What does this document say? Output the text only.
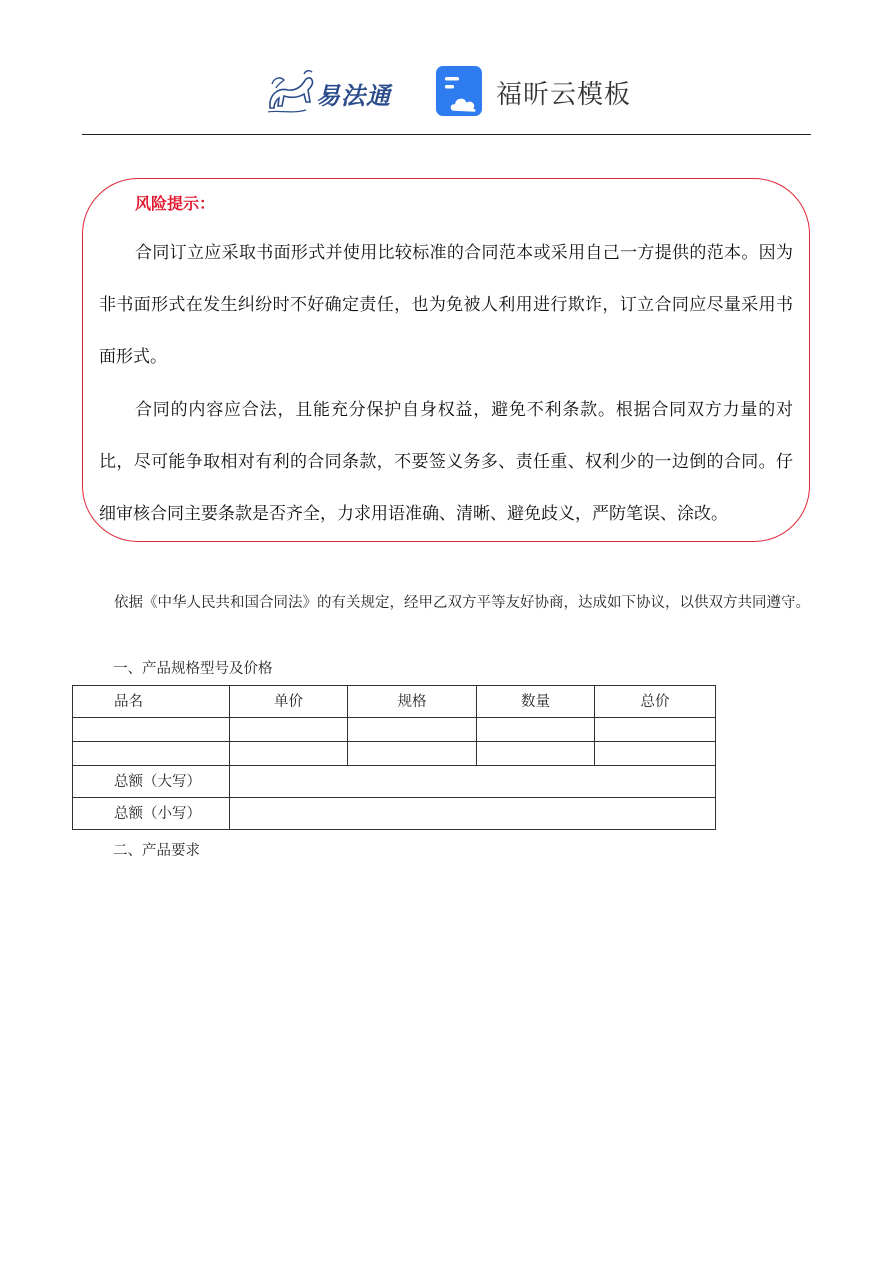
易法通	福昕云模板
风险提示：
合同订立应采取书面形式并使用比较标准的合同范本或采用自己一方提供的范本。因为非书面形式在发生纠纷时不好确定责任，也为免被人利用进行欺诈，订立合同应尽量采用书面形式。
合同的内容应合法，且能充分保护自身权益，避免不利条款。根据合同双方力量的对比，尽可能争取相对有利的合同条款，不要签义务多、责任重、权利少的一边倒的合同。仔细审核合同主要条款是否齐全，力求用语准确、清晰、避免歧义，严防笔误、涂改。
依据《中华人民共和国合同法》的有关规定，经甲乙双方平等友好协商，达成如下协议，以供双方共同遵守。
一、产品规格型号及价格
品名	单价	规格	数量	总价

总额（大写）				
总额（小写）				
二、产品要求
